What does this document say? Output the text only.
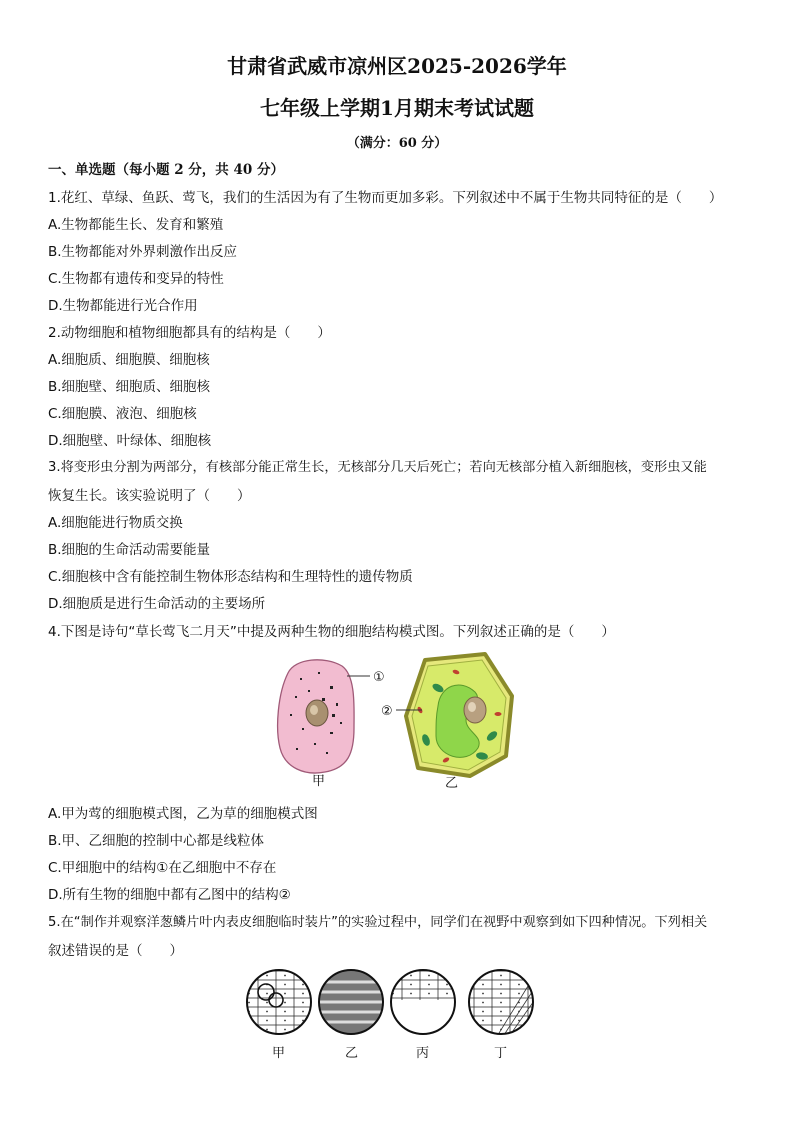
甘肃省武威市凉州区2025-2026学年
七年级上学期1月期末考试试题
（满分：60 分）
一、单选题（每小题 2 分，共 40 分）
1.花红、草绿、鱼跃、莺飞，我们的生活因为有了生物而更加多彩。下列叙述中不属于生物共同特征的是（　　）
A.生物都能生长、发育和繁殖
B.生物都能对外界刺激作出反应
C.生物都有遗传和变异的特性
D.生物都能进行光合作用
2.动物细胞和植物细胞都具有的结构是（　　）
A.细胞质、细胞膜、细胞核
B.细胞壁、细胞质、细胞核
C.细胞膜、液泡、细胞核
D.细胞壁、叶绿体、细胞核
3.将变形虫分割为两部分，有核部分能正常生长，无核部分几天后死亡；若向无核部分植入新细胞核，变形虫又能
恢复生长。该实验说明了（　　）
A.细胞能进行物质交换
B.细胞的生命活动需要能量
C.细胞核中含有能控制生物体形态结构和生理特性的遗传物质
D.细胞质是进行生命活动的主要场所
4.下图是诗句“草长莺飞二月天”中提及两种生物的细胞结构模式图。下列叙述正确的是（　　）
①
②
甲	乙
A.甲为莺的细胞模式图，乙为草的细胞模式图
B.甲、乙细胞的控制中心都是线粒体
C.甲细胞中的结构①在乙细胞中不存在
D.所有生物的细胞中都有乙图中的结构②
5.在“制作并观察洋葱鳞片叶内表皮细胞临时装片”的实验过程中，同学们在视野中观察到如下四种情况。下列相关
叙述错误的是（　　）
甲	乙	丙	丁
